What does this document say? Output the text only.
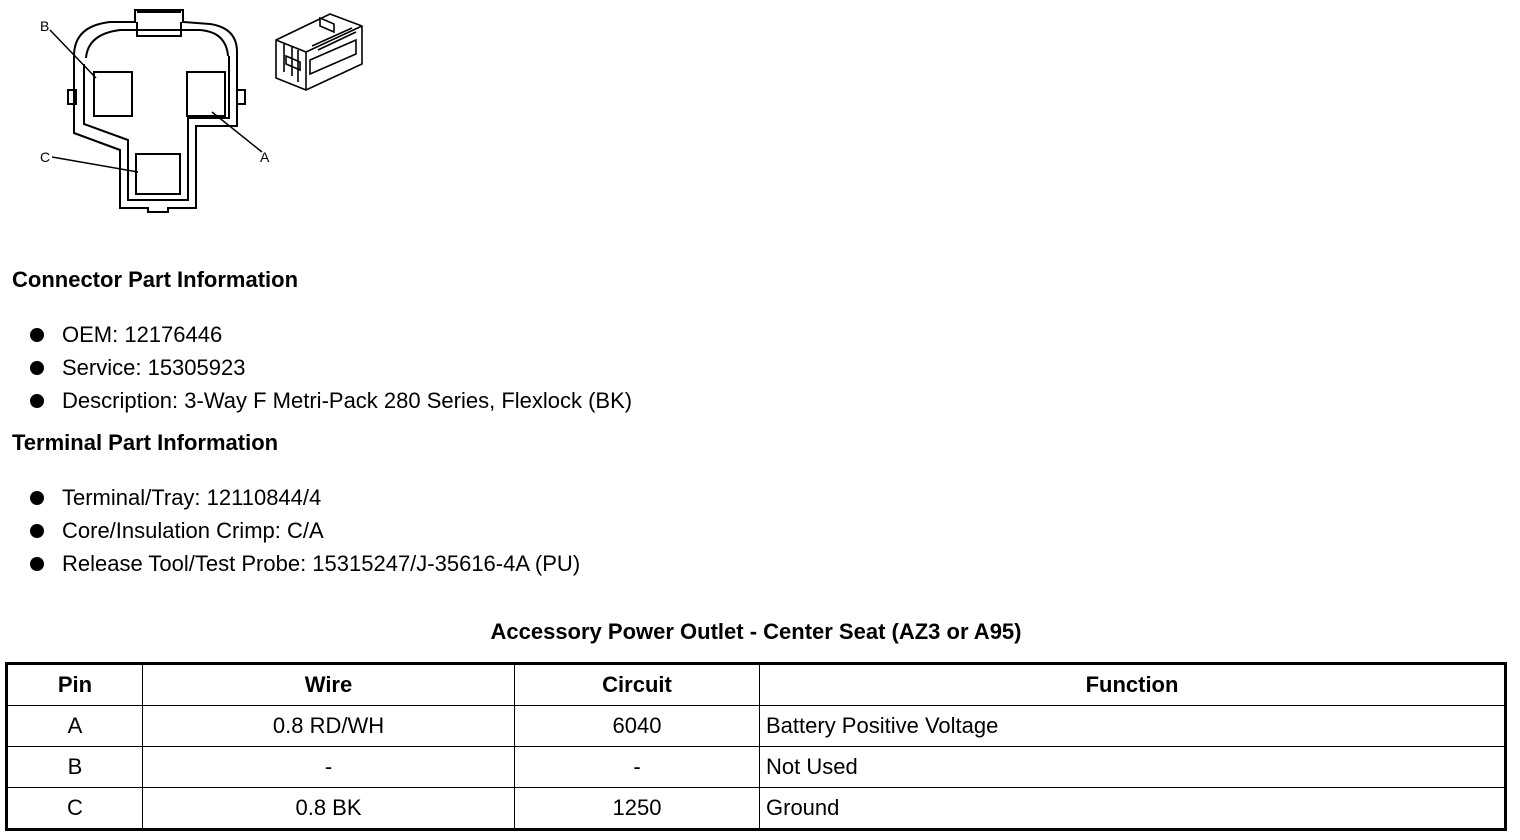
B
A
C
Connector Part Information
OEM: 12176446
Service: 15305923
Description: 3-Way F Metri-Pack 280 Series, Flexlock (BK)
Terminal Part Information
Terminal/Tray: 12110844/4
Core/Insulation Crimp: C/A
Release Tool/Test Probe: 15315247/J-35616-4A (PU)
Accessory Power Outlet - Center Seat (AZ3 or A95)
Pin	Wire	Circuit	Function
A	0.8 RD/WH	6040	Battery Positive Voltage
B	-	-	Not Used
C	0.8 BK	1250	Ground
